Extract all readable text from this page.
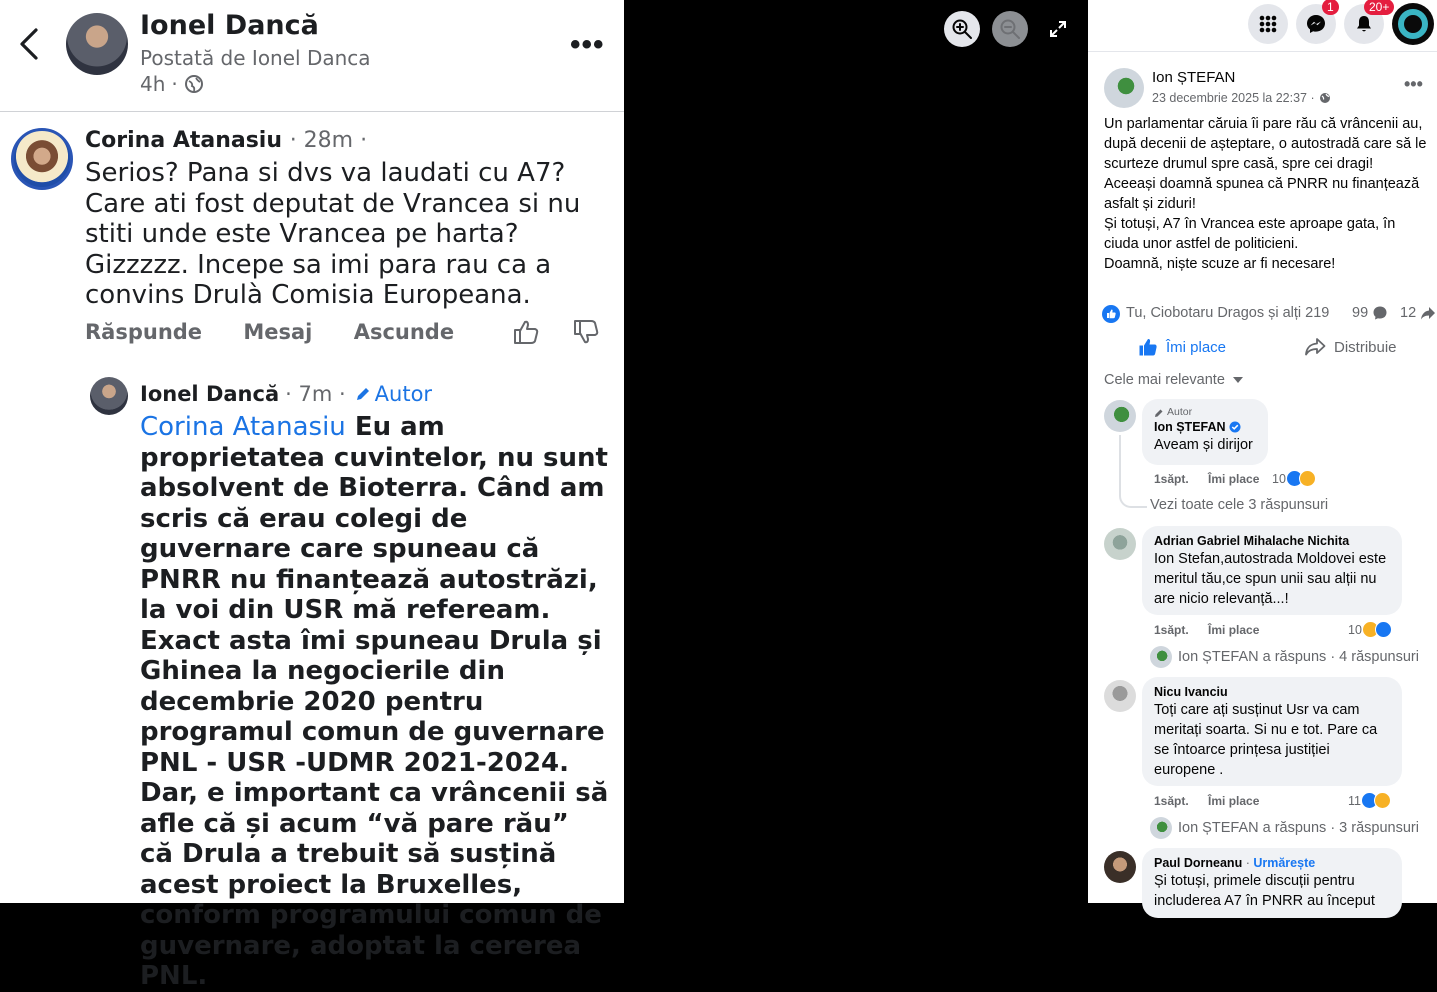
Ionel Dancă
Postată de Ionel Danca
4h ·
•••
Corina Atanasiu · 28m ·
Serios? Pana si dvs va laudati cu A7? Care ati fost deputat de Vrancea si nu stiti unde este Vrancea pe harta? Gizzzzz. Incepe sa imi para rau ca a convins Drulà Comisia Europeana.
Răspunde Mesaj Ascunde
Ionel Dancă · 7m · Autor
Corina Atanasiu Eu am proprietatea cuvintelor, nu sunt absolvent de Bioterra. Când am scris că erau colegi de guvernare care spuneau că PNRR nu finanțează autostrăzi, la voi din USR mă refeream. Exact asta îmi spuneau Drula și Ghinea la negocierile din decembrie 2020 pentru programul comun de guvernare PNL - USR -UDMR 2021-2024. Dar, e important ca vrâncenii să afle că și acum “vă pare rău” că Drula a trebuit să susțină acest proiect la Bruxelles, conform programului comun de guvernare, adoptat la cererea PNL.
1	20+
Ion ȘTEFAN
23 decembrie 2025 la 22:37 ·
•••
Un parlamentar căruia îi pare rău că vrâncenii au, după decenii de așteptare, o autostradă care să le scurteze drumul spre casă, spre cei dragi!
Aceeași doamnă spunea că PNRR nu finanțează asfalt și ziduri!
Și totuși, A7 în Vrancea este aproape gata, în ciuda unor astfel de politicieni.
Doamnă, niște scuze ar fi necesare!
Tu, Ciobotaru Dragos și alți 219 99 12
Îmi place	Distribuie
Cele mai relevante
Autor
Ion ȘTEFAN
Aveam și dirijor
1săpt. Îmi place	10
Vezi toate cele 3 răspunsuri
Adrian Gabriel Mihalache Nichita
Ion Stefan,autostrada Moldovei este meritul tău,ce spun unii sau alții nu are nicio relevanță...!
1săpt. Îmi place	10
Ion ȘTEFAN a răspuns · 4 răspunsuri
Nicu Ivanciu
Toți care ați susținut Usr va cam meritați soarta. Si nu e tot. Pare ca se întoarce prințesa justiției europene .
1săpt. Îmi place	11
Ion ȘTEFAN a răspuns · 3 răspunsuri
Paul Dorneanu · Urmărește
Și totuși, primele discuții pentru includerea A7 în PNRR au început
